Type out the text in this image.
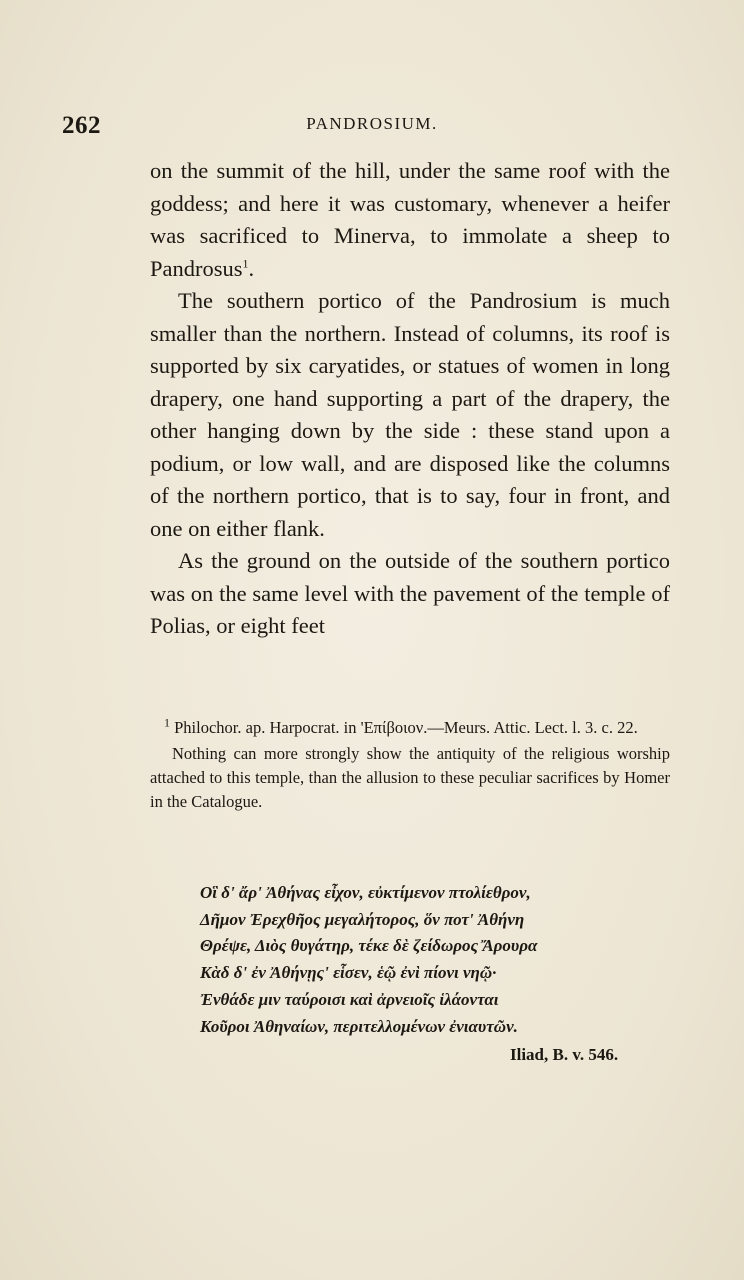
262	PANDROSIUM.

on the summit of the hill, under the same roof with the goddess; and here it was customary, whenever a heifer was sacrificed to Minerva, to immolate a sheep to Pandrosus$^1$.

The southern portico of the Pandrosium is much smaller than the northern. Instead of columns, its roof is supported by six caryatides, or statues of women in long drapery, one hand supporting a part of the drapery, the other hanging down by the side : these stand upon a podium, or low wall, and are disposed like the columns of the northern portico, that is to say, four in front, and one on either flank.

As the ground on the outside of the southern portico was on the same level with the pavement of the temple of Polias, or eight feet

$^1$ Philochor. ap. Harpocrat. in 'Επίβοιον.—Meurs. Attic. Lect. l. 3. c. 22.

Nothing can more strongly show the antiquity of the religious worship attached to this temple, than the allusion to these peculiar sacrifices by Homer in the Catalogue.

Οἳ δ' ἄρ' Ἀθήνας εἶχον, εὐκτίμενον πτολίεθρον,
Δῆμον Ἐρεχθῆος μεγαλήτορος, ὅν ποτ' Ἀθήνη
Θρέψε, Διὸς θυγάτηρ, τέκε δὲ ζείδωρος Ἄρουρα
Κὰδ δ' ἐν Ἀθήνῃς' εἷσεν, ἑῷ ἐνὶ πίονι νηῷ·
Ἐνθάδε μιν ταύροισι καὶ ἀρνειοῖς ἱλάονται
Κοῦροι Ἀθηναίων, περιτελλομένων ἐνιαυτῶν.
Iliad, B. v. 546.
